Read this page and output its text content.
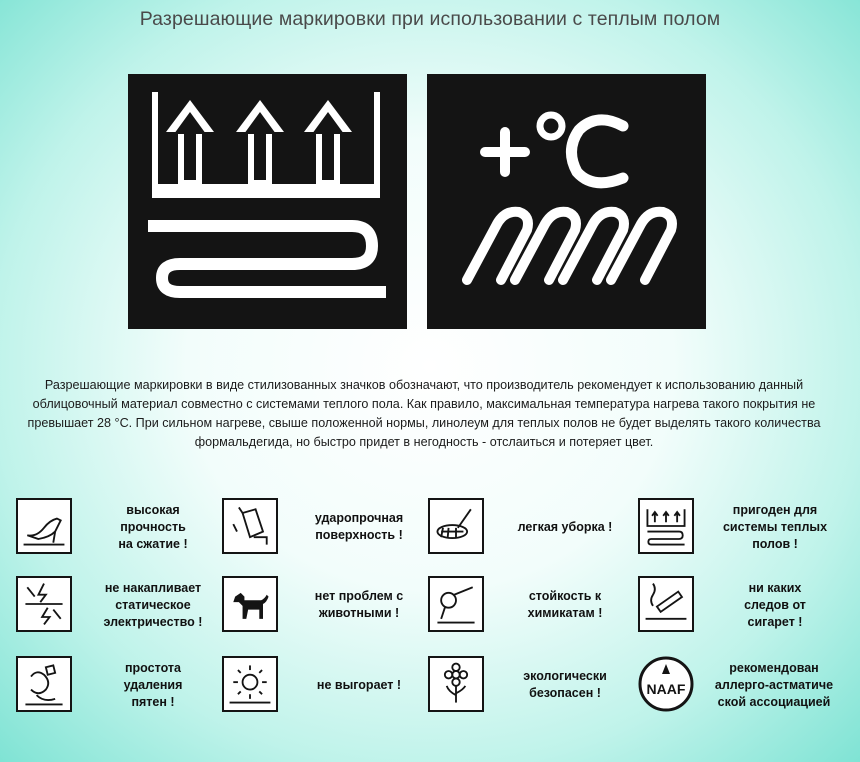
Разрешающие маркировки при использовании с теплым полом
Разрешающие маркировки в виде стилизованных значков обозначают, что производитель рекомендует к использованию данный облицовочный материал совместно с системами теплого пола. Как правило, максимальная температура нагрева такого покрытия не превышает 28 °С. При сильном нагреве, свыше положенной нормы, линолеум для теплых полов не будет выделять такого количества формальдегида, но быстро придет в негодность - отслаиться и потеряет цвет.
высокая
прочность
на сжатие !
ударопрочная
поверхность !
легкая уборка !
пригоден для
системы теплых
полов !
не накапливает
статическое
электричество !
нет проблем с
животными !
стойкость к
химикатам !
ни каких
следов от
сигарет !
простота
удаления
пятен !
не выгорает !
экологически
безопасен !	NAAF
рекомендован
аллерго-астматиче
ской ассоциацией
